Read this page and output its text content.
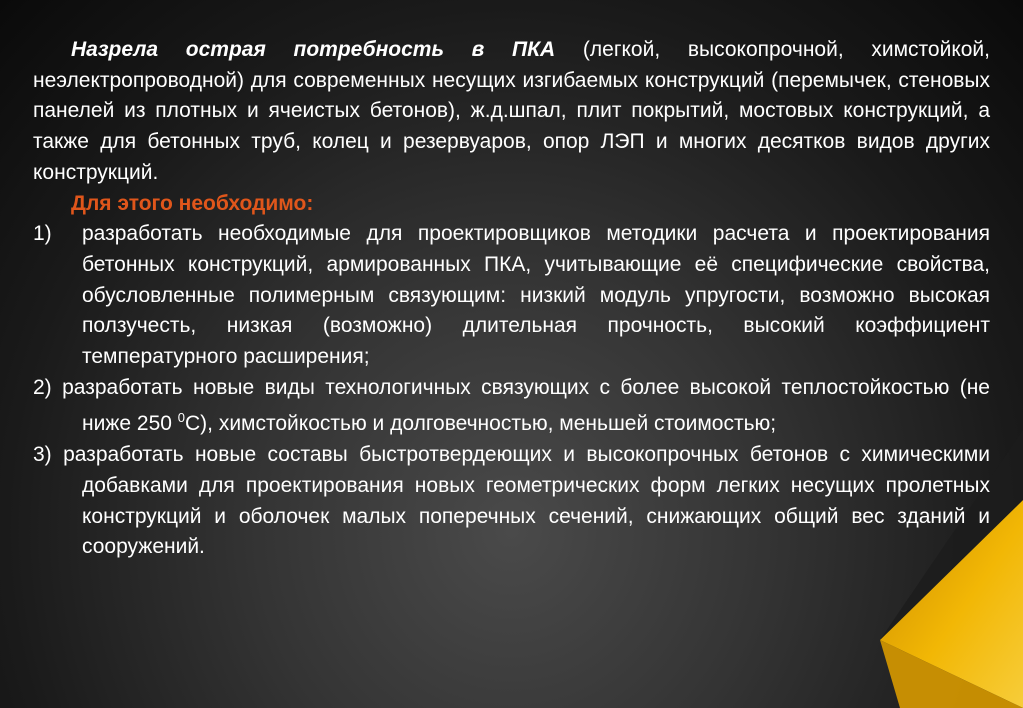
Назрела острая потребность в ПКА (легкой, высокопрочной, химстойкой, неэлектропроводной) для современных несущих изгибаемых конструкций (перемычек, стеновых панелей из плотных и ячеистых бетонов), ж.д.шпал, плит покрытий, мостовых конструкций, а также для бетонных труб, колец и резервуаров, опор ЛЭП и многих десятков видов других конструкций.

Для этого необходимо:

1) разработать необходимые для проектировщиков методики расчета и проектирования бетонных конструкций, армированных ПКА, учитывающие её специфические свойства, обусловленные полимерным связующим: низкий модуль упругости, возможно высокая ползучесть, низкая (возможно) длительная прочность, высокий коэффициент температурного расширения;
2) разработать новые виды технологичных связующих с более высокой теплостойкостью (не ниже 250 $^0$С), химстойкостью и долговечностью, меньшей стоимостью;
3) разработать новые составы быстротвердеющих и высокопрочных бетонов с химическими добавками для проектирования новых геометрических форм легких несущих пролетных конструкций и оболочек малых поперечных сечений, снижающих общий вес зданий и сооружений.
